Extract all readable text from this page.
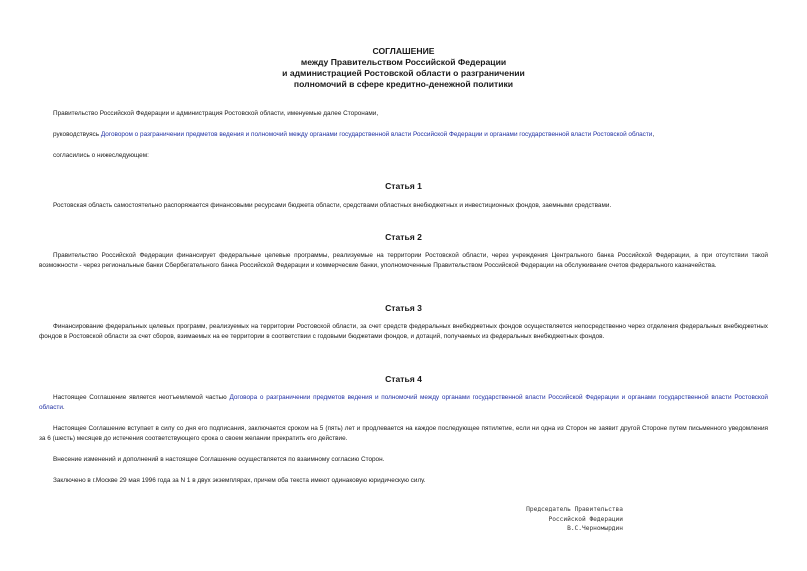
СОГЛАШЕНИЕ
между Правительством Российской Федерации
и администрацией Ростовской области о разграничении
полномочий в сфере кредитно-денежной политики
Правительство Российской Федерации и администрация Ростовской области, именуемые далее Сторонами,
руководствуясь Договором о разграничении предметов ведения и полномочий между органами государственной власти Российской Федерации и органами государственной власти Ростовской области,
согласились о нижеследующем:
Статья 1
Ростовская область самостоятельно распоряжается финансовыми ресурсами бюджета области, средствами областных внебюджетных и инвестиционных фондов, заемными средствами.
Статья 2
Правительство Российской Федерации финансирует федеральные целевые программы, реализуемые на территории Ростовской области, через учреждения Центрального банка Российской Федерации, а при отсутствии такой возможности - через региональные банки Сбербегательного банка Российской Федерации и коммерческие банки, уполномоченные Правительством Российской Федерации на обслуживание счетов федерального казначейства.
Статья 3
Финансирование федеральных целевых программ, реализуемых на территории Ростовской области, за счет средств федеральных внебюджетных фондов осуществляется непосредственно через отделения федеральных внебюджетных фондов в Ростовской области за счет сборов, взимаемых на ее территории в соответствии с годовыми бюджетами фондов, и дотаций, получаемых из федеральных внебюджетных фондов.
Статья 4
Настоящее Соглашение является неотъемлемой частью Договора о разграничении предметов ведения и полномочий между органами государственной власти Российской Федерации и органами государственной власти Ростовской области.
Настоящее Соглашение вступает в силу со дня его подписания, заключается сроком на 5 (пять) лет и продлевается на каждое последующее пятилетие, если ни одна из Сторон не заявит другой Стороне путем письменного уведомления за 6 (шесть) месяцев до истечения соответствующего срока о своем желании прекратить его действие.
Внесение изменений и дополнений в настоящее Соглашение осуществляется по взаимному согласию Сторон.
Заключено в г.Москве 29 мая 1996 года за N 1 в двух экземплярах, причем оба текста имеют одинаковую юридическую силу.
Председатель Правительства
Российской Федерации
В.С.Черномырдин
